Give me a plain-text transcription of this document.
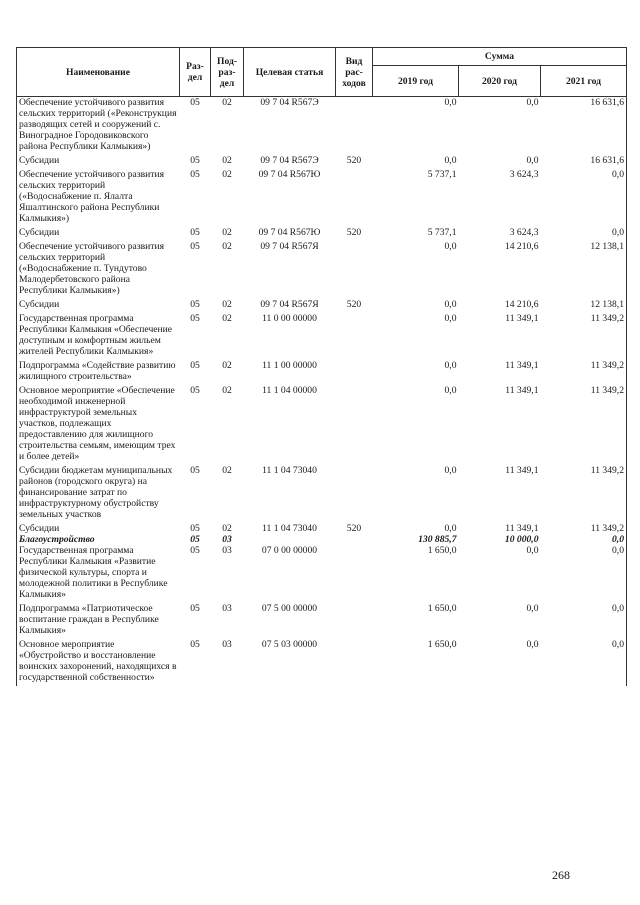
Наименование	Раз-дел	Под-раз-дел	Целевая статья	Вид рас-ходов	Сумма		
					2019 год	2020 год	2021 год
Обеспечение устойчивого развития сельских территорий («Реконструкция разводящих сетей и сооружений с. Виноградное Городовиковского района Республики Калмыкия»)	05	02	09 7 04 R567Э		0,0	0,0	16 631,6
Субсидии	05	02	09 7 04 R567Э	520	0,0	0,0	16 631,6
Обеспечение устойчивого развития сельских территорий («Водоснабжение п. Ялалта Яшалтинского района Республики Калмыкия»)	05	02	09 7 04 R567Ю		5 737,1	3 624,3	0,0
Субсидии	05	02	09 7 04 R567Ю	520	5 737,1	3 624,3	0,0
Обеспечение устойчивого развития сельских территорий («Водоснабжение п. Тундутово Малодербетовского района Республики Калмыкия»)	05	02	09 7 04 R567Я		0,0	14 210,6	12 138,1
Субсидии	05	02	09 7 04 R567Я	520	0,0	14 210,6	12 138,1
Государственная программа Республики Калмыкия «Обеспечение доступным и комфортным жильем жителей Республики Калмыкия»	05	02	11 0 00 00000		0,0	11 349,1	11 349,2
Подпрограмма «Содействие развитию жилищного строительства»	05	02	11 1 00 00000		0,0	11 349,1	11 349,2
Основное мероприятие «Обеспечение необходимой инженерной инфраструктурой земельных участков, подлежащих предоставлению для жилищного строительства семьям, имеющим трех и более детей»	05	02	11 1 04 00000		0,0	11 349,1	11 349,2
Субсидии бюджетам муниципальных районов (городского округа) на финансирование затрат по инфраструктурному обустройству земельных участков	05	02	11 1 04 73040		0,0	11 349,1	11 349,2
Субсидии	05	02	11 1 04 73040	520	0,0	11 349,1	11 349,2
Благоустройство	05	03			130 885,7	10 000,0	0,0
Государственная программа Республики Калмыкия «Развитие физической культуры, спорта и молодежной политики в Республике Калмыкия»	05	03	07 0 00 00000		1 650,0	0,0	0,0
Подпрограмма «Патриотическое воспитание граждан в Республике Калмыкия»	05	03	07 5 00 00000		1 650,0	0,0	0,0
Основное мероприятие «Обустройство и восстановление воинских захоронений, находящихся в государственной собственности»	05	03	07 5 03 00000		1 650,0	0,0	0,0
268
